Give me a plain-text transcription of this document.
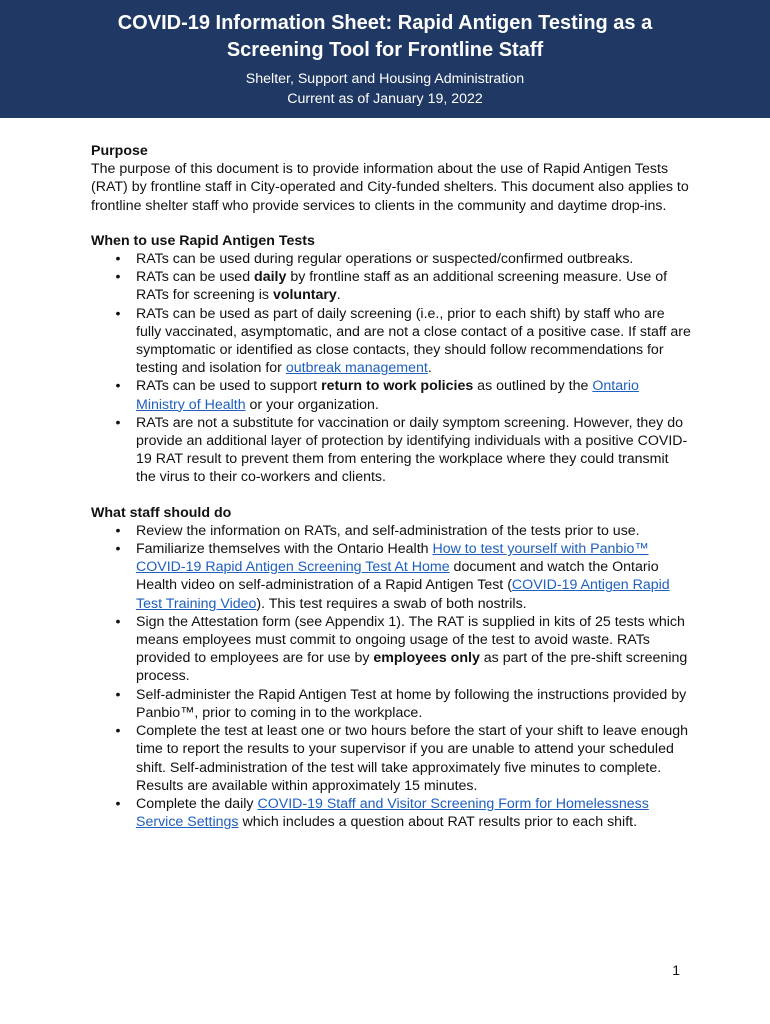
COVID-19 Information Sheet: Rapid Antigen Testing as a Screening Tool for Frontline Staff
Shelter, Support and Housing Administration
Current as of January 19, 2022

Purpose

The purpose of this document is to provide information about the use of Rapid Antigen Tests (RAT) by frontline staff in City-operated and City-funded shelters. This document also applies to frontline shelter staff who provide services to clients in the community and daytime drop-ins.

When to use Rapid Antigen Tests

• RATs can be used during regular operations or suspected/confirmed outbreaks.
• RATs can be used daily by frontline staff as an additional screening measure. Use of RATs for screening is voluntary.
• RATs can be used as part of daily screening (i.e., prior to each shift) by staff who are fully vaccinated, asymptomatic, and are not a close contact of a positive case. If staff are symptomatic or identified as close contacts, they should follow recommendations for testing and isolation for outbreak management.
• RATs can be used to support return to work policies as outlined by the Ontario Ministry of Health or your organization.
• RATs are not a substitute for vaccination or daily symptom screening. However, they do provide an additional layer of protection by identifying individuals with a positive COVID-19 RAT result to prevent them from entering the workplace where they could transmit the virus to their co-workers and clients.

What staff should do

• Review the information on RATs, and self-administration of the tests prior to use.
• Familiarize themselves with the Ontario Health How to test yourself with Panbio™ COVID-19 Rapid Antigen Screening Test At Home document and watch the Ontario Health video on self-administration of a Rapid Antigen Test (COVID-19 Antigen Rapid Test Training Video). This test requires a swab of both nostrils.
• Sign the Attestation form (see Appendix 1). The RAT is supplied in kits of 25 tests which means employees must commit to ongoing usage of the test to avoid waste. RATs provided to employees are for use by employees only as part of the pre-shift screening process.
• Self-administer the Rapid Antigen Test at home by following the instructions provided by Panbio™, prior to coming in to the workplace.
• Complete the test at least one or two hours before the start of your shift to leave enough time to report the results to your supervisor if you are unable to attend your scheduled shift. Self-administration of the test will take approximately five minutes to complete. Results are available within approximately 15 minutes.
• Complete the daily COVID-19 Staff and Visitor Screening Form for Homelessness Service Settings which includes a question about RAT results prior to each shift.
1
